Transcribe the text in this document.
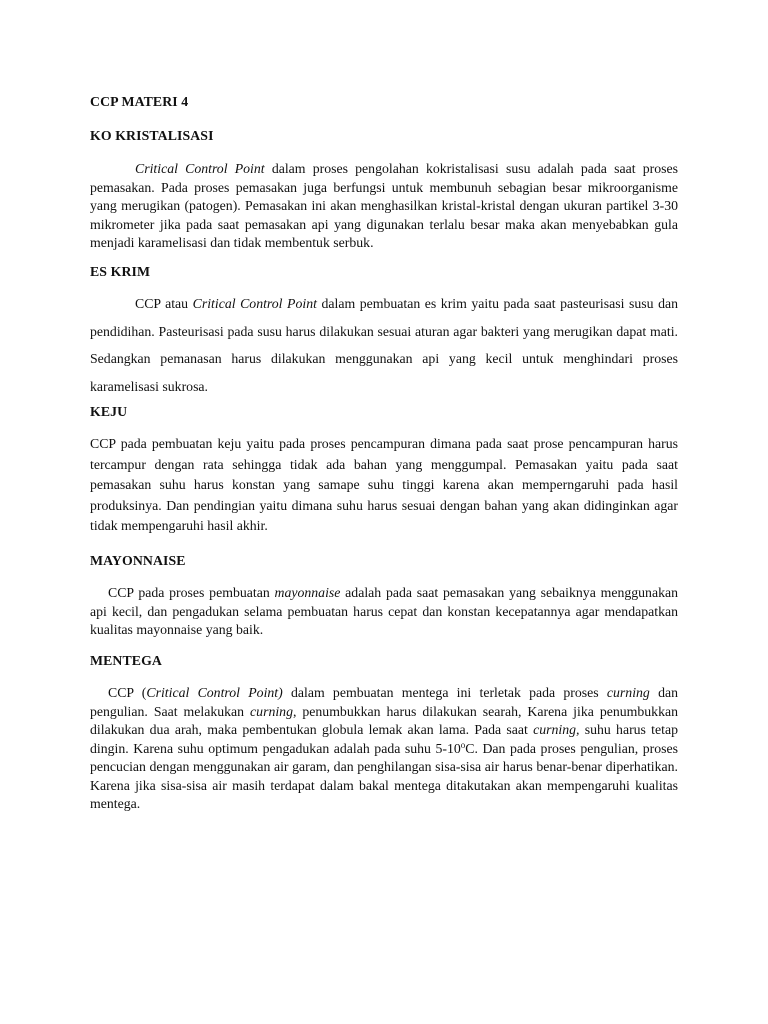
CCP MATERI 4

KO KRISTALISASI

Critical Control Point dalam proses pengolahan kokristalisasi susu adalah pada saat proses pemasakan. Pada proses pemasakan juga berfungsi untuk membunuh sebagian besar mikroorganisme yang merugikan (patogen). Pemasakan ini akan menghasilkan kristal-kristal dengan ukuran partikel 3-30 mikrometer jika pada saat pemasakan api yang digunakan terlalu besar maka akan menyebabkan gula menjadi karamelisasi dan tidak membentuk serbuk.

ES KRIM

CCP atau Critical Control Point dalam pembuatan es krim yaitu pada saat pasteurisasi susu dan pendidihan. Pasteurisasi pada susu harus dilakukan sesuai aturan agar bakteri yang merugikan dapat mati. Sedangkan pemanasan harus dilakukan menggunakan api yang kecil untuk menghindari proses karamelisasi sukrosa.

KEJU

CCP pada pembuatan keju yaitu pada proses pencampuran dimana pada saat prose pencampuran harus tercampur dengan rata sehingga tidak ada bahan yang menggumpal. Pemasakan yaitu pada saat pemasakan suhu harus konstan yang samape suhu tinggi karena akan memperngaruhi pada hasil produksinya. Dan pendingian yaitu dimana suhu harus sesuai dengan bahan yang akan didinginkan agar tidak mempengaruhi hasil akhir.

MAYONNAISE

CCP pada proses pembuatan mayonnaise adalah pada saat pemasakan yang sebaiknya menggunakan api kecil, dan pengadukan selama pembuatan harus cepat dan konstan kecepatannya agar mendapatkan kualitas mayonnaise yang baik.

MENTEGA

CCP (Critical Control Point) dalam pembuatan mentega ini terletak pada proses curning dan pengulian. Saat melakukan curning, penumbukkan harus dilakukan searah, Karena jika penumbukkan dilakukan dua arah, maka pembentukan globula lemak akan lama. Pada saat curning, suhu harus tetap dingin. Karena suhu optimum pengadukan adalah pada suhu 5-10$^o$C. Dan pada proses pengulian, proses pencucian dengan menggunakan air garam, dan penghilangan sisa-sisa air harus benar-benar diperhatikan. Karena jika sisa-sisa air masih terdapat dalam bakal mentega ditakutakan akan mempengaruhi kualitas mentega.
